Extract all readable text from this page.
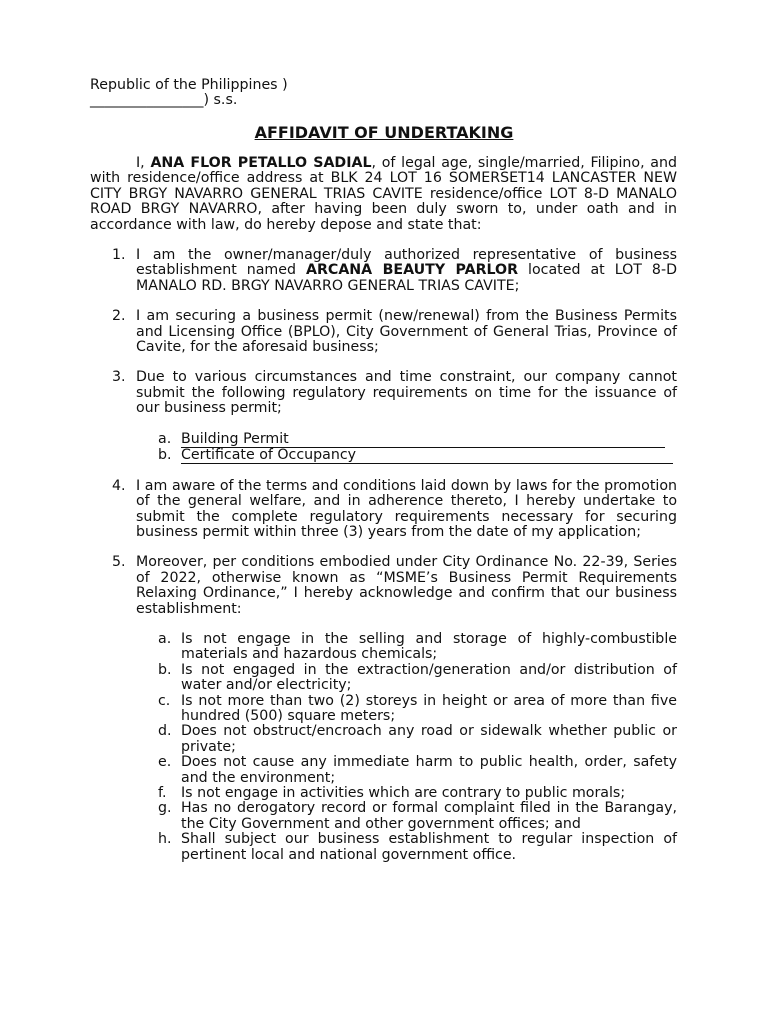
Republic of the Philippines )
________________) s.s.
AFFIDAVIT OF UNDERTAKING

I, ANA FLOR PETALLO SADIAL, of legal age, single/married, Filipino, and with residence/office address at BLK 24 LOT 16 SOMERSET14 LANCASTER NEW CITY BRGY NAVARRO GENERAL TRIAS CAVITE residence/office LOT 8-D MANALO ROAD BRGY NAVARRO, after having been duly sworn to, under oath and in accordance with law, do hereby depose and state that:

1. I am the owner/manager/duly authorized representative of business establishment named ARCANA BEAUTY PARLOR located at LOT 8-D MANALO RD. BRGY NAVARRO GENERAL TRIAS CAVITE;
2. I am securing a business permit (new/renewal) from the Business Permits and Licensing Office (BPLO), City Government of General Trias, Province of Cavite, for the aforesaid business;
3. Due to various circumstances and time constraint, our company cannot submit the following regulatory requirements on time for the issuance of our business permit;
a. Building Permit
b. Certificate of Occupancy
4. I am aware of the terms and conditions laid down by laws for the promotion of the general welfare, and in adherence thereto, I hereby undertake to submit the complete regulatory requirements necessary for securing business permit within three (3) years from the date of my application;
5. Moreover, per conditions embodied under City Ordinance No. 22-39, Series of 2022, otherwise known as “MSME’s Business Permit Requirements Relaxing Ordinance,” I hereby acknowledge and confirm that our business establishment:
a. Is not engage in the selling and storage of highly-combustible materials and hazardous chemicals;
b. Is not engaged in the extraction/generation and/or distribution of water and/or electricity;
c. Is not more than two (2) storeys in height or area of more than five hundred (500) square meters;
d. Does not obstruct/encroach any road or sidewalk whether public or private;
e. Does not cause any immediate harm to public health, order, safety and the environment;
f. Is not engage in activities which are contrary to public morals;
g. Has no derogatory record or formal complaint filed in the Barangay, the City Government and other government offices; and
h. Shall subject our business establishment to regular inspection of pertinent local and national government office.
